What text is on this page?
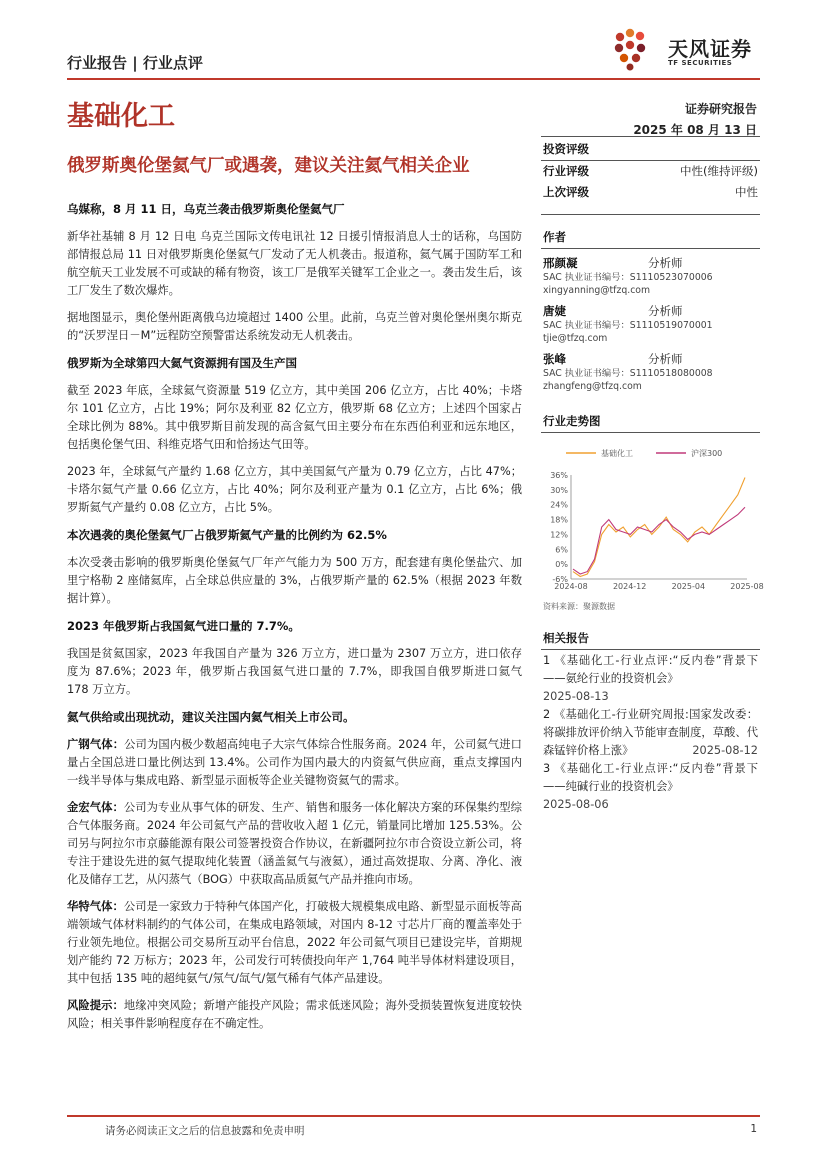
行业报告 | 行业点评
天风证券
TF SECURITIES
基础化工	证券研究报告
2025 年 08 月 13 日
俄罗斯奥伦堡氦气厂或遇袭，建议关注氦气相关企业
乌媒称，8 月 11 日，乌克兰袭击俄罗斯奥伦堡氦气厂

新华社基辅 8 月 12 日电 乌克兰国际文传电讯社 12 日援引情报消息人士的话称，乌国防部情报总局 11 日对俄罗斯奥伦堡氦气厂发动了无人机袭击。报道称，氦气属于国防军工和航空航天工业发展不可或缺的稀有物资，该工厂是俄军关键军工企业之一。袭击发生后，该工厂发生了数次爆炸。

据地图显示，奥伦堡州距离俄乌边境超过 1400 公里。此前，乌克兰曾对奥伦堡州奥尔斯克的“沃罗涅日－M”远程防空预警雷达系统发动无人机袭击。

俄罗斯为全球第四大氦气资源拥有国及生产国

截至 2023 年底，全球氦气资源量 519 亿立方，其中美国 206 亿立方，占比 40%；卡塔尔 101 亿立方，占比 19%；阿尔及利亚 82 亿立方，俄罗斯 68 亿立方；上述四个国家占全球比例为 88%。其中俄罗斯目前发现的高含氦气田主要分布在东西伯利亚和远东地区，包括奥伦堡气田、科维克塔气田和恰扬达气田等。

2023 年，全球氦气产量约 1.68 亿立方，其中美国氦气产量为 0.79 亿立方，占比 47%；卡塔尔氦气产量 0.66 亿立方，占比 40%；阿尔及利亚产量为 0.1 亿立方，占比 6%；俄罗斯氦气产量约 0.08 亿立方，占比 5%。

本次遇袭的奥伦堡氦气厂占俄罗斯氦气产量的比例约为 62.5%

本次受袭击影响的俄罗斯奥伦堡氦气厂年产气能力为 500 万方，配套建有奥伦堡盐穴、加里宁格勒 2 座储氦库，占全球总供应量的 3%，占俄罗斯产量的 62.5%（根据 2023 年数据计算）。

2023 年俄罗斯占我国氦气进口量的 7.7%。

我国是贫氦国家，2023 年我国自产量为 326 万立方，进口量为 2307 万立方，进口依存度为 87.6%；2023 年，俄罗斯占我国氦气进口量的 7.7%，即我国自俄罗斯进口氦气 178 万立方。

氦气供给或出现扰动，建议关注国内氦气相关上市公司。

广钢气体：公司为国内极少数超高纯电子大宗气体综合性服务商。2024 年，公司氦气进口量占全国总进口量比例达到 13.4%。公司作为国内最大的内资氦气供应商，重点支撑国内一线半导体与集成电路、新型显示面板等企业关键物资氦气的需求。

金宏气体：公司为专业从事气体的研发、生产、销售和服务一体化解决方案的环保集约型综合气体服务商。2024 年公司氦气产品的营收收入超 1 亿元，销量同比增加 125.53%。公司另与阿拉尔市京藤能源有限公司签署投资合作协议，在新疆阿拉尔市合资设立新公司，将专注于建设先进的氦气提取纯化装置（涵盖氦气与液氦），通过高效提取、分离、净化、液化及储存工艺，从闪蒸气（BOG）中获取高品质氦气产品并推向市场。

华特气体：公司是一家致力于特种气体国产化，打破极大规模集成电路、新型显示面板等高端领域气体材料制约的气体公司，在集成电路领域，对国内 8-12 寸芯片厂商的覆盖率处于行业领先地位。根据公司交易所互动平台信息，2022 年公司氦气项目已建设完毕，首期规划产能约 72 万标方；2023 年，公司发行可转债投向年产 1,764 吨半导体材料建设项目，其中包括 135 吨的超纯氨气/氖气/氙气/氪气稀有气体产品建设。

风险提示：地缘冲突风险；新增产能投产风险；需求低迷风险；海外受损装置恢复进度较快风险；相关事件影响程度存在不确定性。

投资评级
行业评级	中性(维持评级)
上次评级	中性
作者
邢颜凝	分析师
SAC 执业证书编号：S1110523070006
xingyanning@tfzq.com
唐婕	分析师
SAC 执业证书编号：S1110519070001
tjie@tfzq.com
张峰	分析师
SAC 执业证书编号：S1110518080008
zhangfeng@tfzq.com
行业走势图
基础化工	沪深300
-6%
0%
6%
12%
18%
24%
30%
36%
2024-08	2024-12	2025-04	2025-08
资料来源：聚源数据
相关报告
1 《基础化工-行业点评:“反内卷”背景下——氨纶行业的投资机会》
2025-08-13
2 《基础化工-行业研究周报:国家发改委：将碳排放评价纳入节能审查制度，草酸、代森锰锌价格上涨》	2025-08-12
3 《基础化工-行业点评:“反内卷”背景下——纯碱行业的投资机会》
2025-08-06
请务必阅读正文之后的信息披露和免责申明	1
